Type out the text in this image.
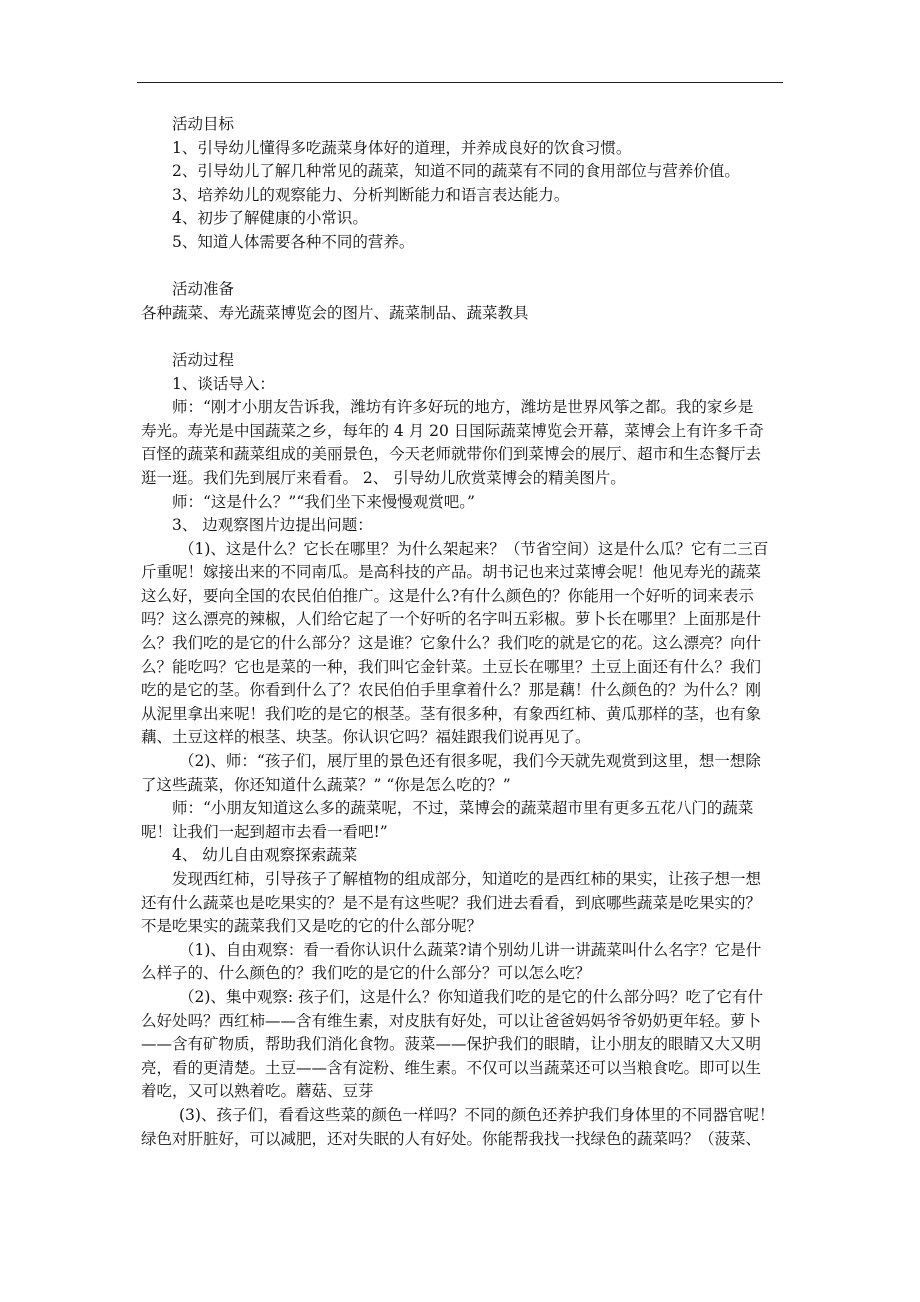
活动目标
1、引导幼儿懂得多吃蔬菜身体好的道理，并养成良好的饮食习惯。
2、引导幼儿了解几种常见的蔬菜，知道不同的蔬菜有不同的食用部位与营养价值。
3、培养幼儿的观察能力、分析判断能力和语言表达能力。
4、初步了解健康的小常识。
5、知道人体需要各种不同的营养。
活动准备
各种蔬菜、寿光蔬菜博览会的图片、蔬菜制品、蔬菜教具
活动过程
1、谈话导入：
师：“刚才小朋友告诉我，潍坊有许多好玩的地方，潍坊是世界风筝之都。我的家乡是
寿光。寿光是中国蔬菜之乡，每年的 4 月 20 日国际蔬菜博览会开幕，菜博会上有许多千奇
百怪的蔬菜和蔬菜组成的美丽景色，今天老师就带你们到菜博会的展厅、超市和生态餐厅去
逛一逛。我们先到展厅来看看。 2、 引导幼儿欣赏菜博会的精美图片。
师：“这是什么？”“我们坐下来慢慢观赏吧。”
3、 边观察图片边提出问题：
（1)、这是什么？它长在哪里？为什么架起来？（节省空间）这是什么瓜？它有二三百
斤重呢！嫁接出来的不同南瓜。是高科技的产品。胡书记也来过菜博会呢！他见寿光的蔬菜
这么好，要向全国的农民伯伯推广。这是什么?有什么颜色的？你能用一个好听的词来表示
吗？这么漂亮的辣椒，人们给它起了一个好听的名字叫五彩椒。萝卜长在哪里？上面那是什
么？我们吃的是它的什么部分？这是谁？它象什么？我们吃的就是它的花。这么漂亮？向什
么？能吃吗？它也是菜的一种，我们叫它金针菜。土豆长在哪里？土豆上面还有什么？我们
吃的是它的茎。你看到什么了？农民伯伯手里拿着什么？那是藕！什么颜色的？为什么？刚
从泥里拿出来呢！我们吃的是它的根茎。茎有很多种，有象西红柿、黄瓜那样的茎，也有象
藕、土豆这样的根茎、块茎。你认识它吗？福娃跟我们说再见了。
（2)、师：“孩子们，展厅里的景色还有很多呢，我们今天就先观赏到这里，想一想除
了这些蔬菜，你还知道什么蔬菜？” “你是怎么吃的？”
师：“小朋友知道这么多的蔬菜呢，不过，菜博会的蔬菜超市里有更多五花八门的蔬菜
呢！让我们一起到超市去看一看吧!”
4、 幼儿自由观察探索蔬菜
发现西红柿，引导孩子了解植物的组成部分，知道吃的是西红柿的果实，让孩子想一想
还有什么蔬菜也是吃果实的？是不是有这些呢？我们进去看看，到底哪些蔬菜是吃果实的？
不是吃果实的蔬菜我们又是吃的它的什么部分呢？
（1)、自由观察：看一看你认识什么蔬菜?请个别幼儿讲一讲蔬菜叫什么名字？它是什
么样子的、什么颜色的？我们吃的是它的什么部分？可以怎么吃？
（2)、集中观察: 孩子们，这是什么？你知道我们吃的是它的什么部分吗？吃了它有什
么好处吗？西红柿——含有维生素，对皮肤有好处，可以让爸爸妈妈爷爷奶奶更年轻。萝卜
——含有矿物质，帮助我们消化食物。菠菜——保护我们的眼睛，让小朋友的眼睛又大又明
亮，看的更清楚。土豆——含有淀粉、维生素。不仅可以当蔬菜还可以当粮食吃。即可以生
着吃，又可以熟着吃。蘑菇、豆芽
(3)、孩子们，看看这些菜的颜色一样吗？不同的颜色还养护我们身体里的不同器官呢！
绿色对肝脏好，可以减肥，还对失眠的人有好处。你能帮我找一找绿色的蔬菜吗？（菠菜、
